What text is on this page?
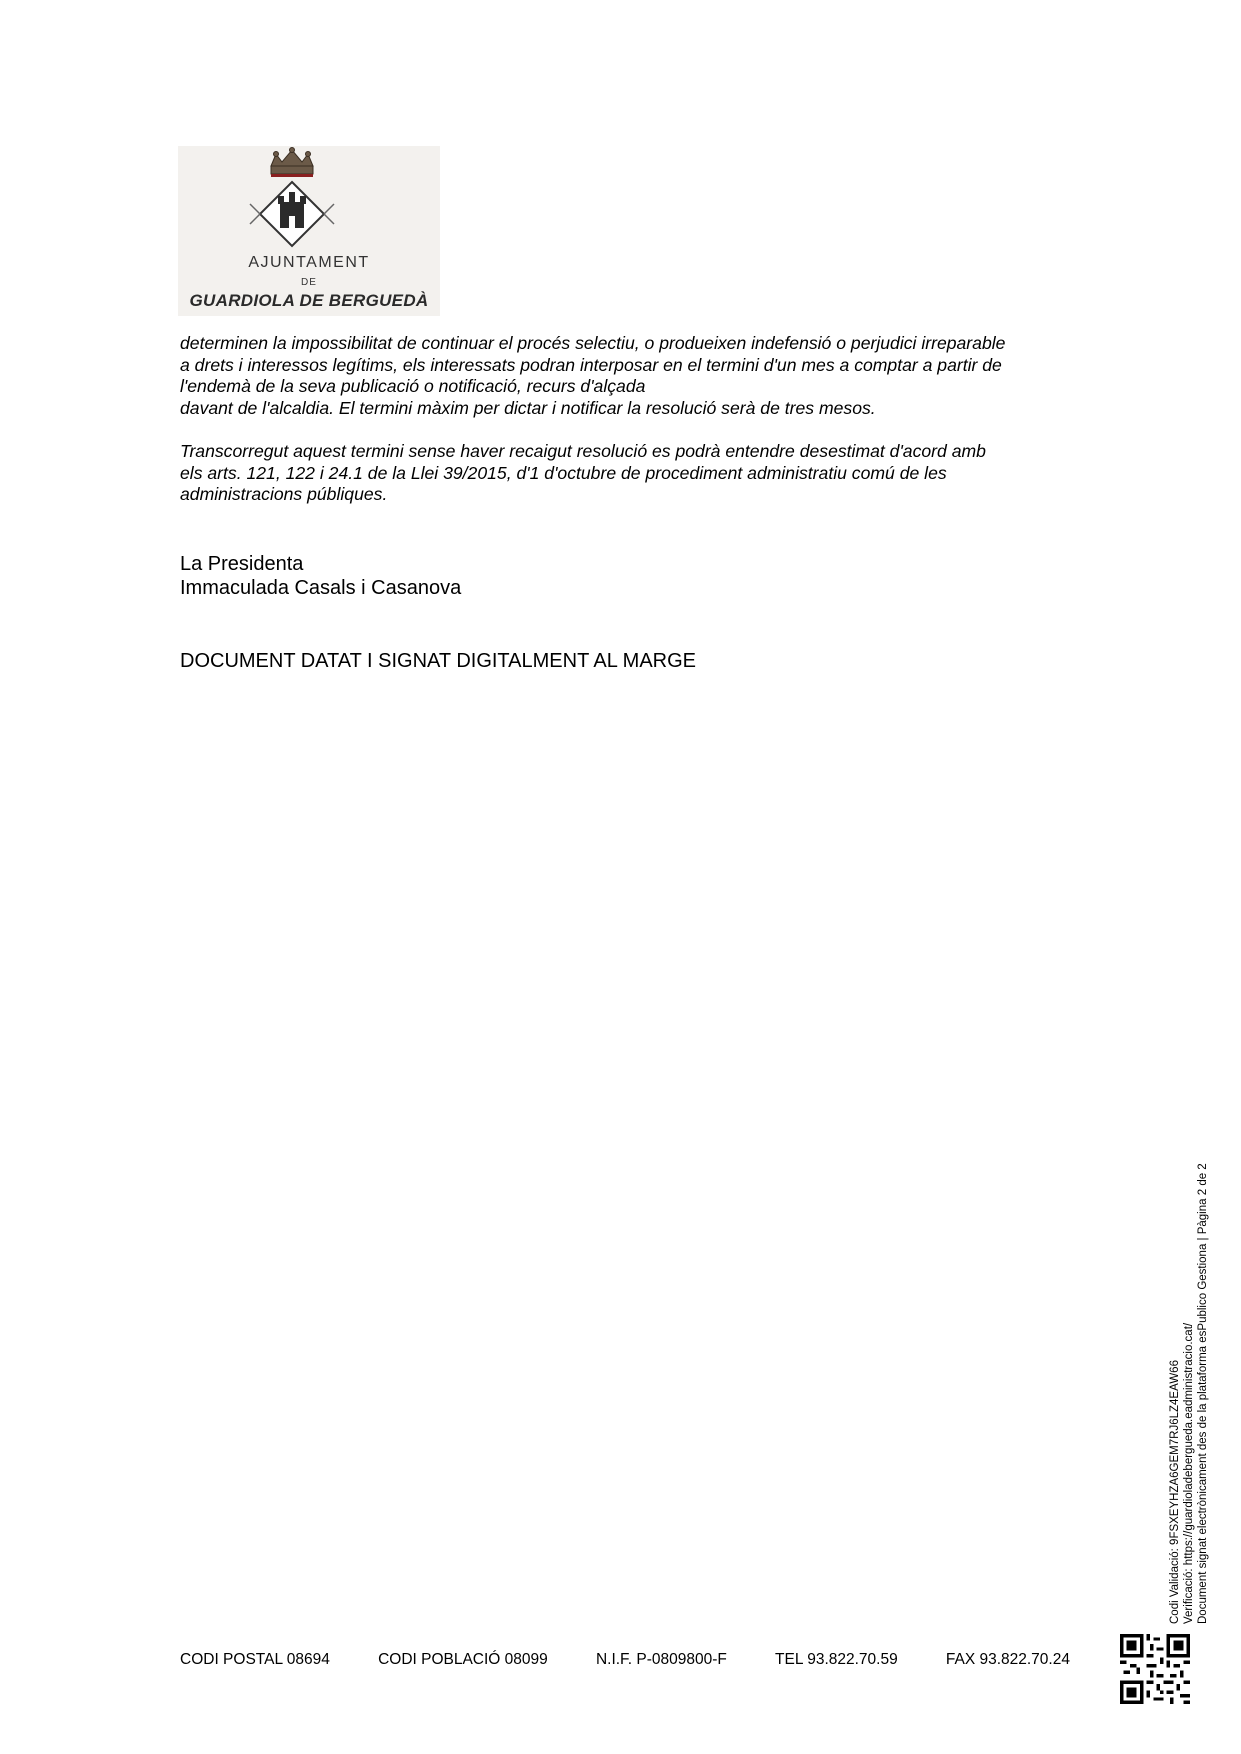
AJUNTAMENT
DE
GUARDIOLA DE BERGUEDÀ
determinen la impossibilitat de continuar el procés selectiu, o produeixen indefensió o perjudici irreparable
a drets i interessos legítims, els interessats podran interposar en el termini d'un mes a comptar a partir de
l'endemà de la seva publicació o notificació, recurs d'alçada
davant de l'alcaldia. El termini màxim per dictar i notificar la resolució serà de tres mesos.
Transcorregut aquest termini sense haver recaigut resolució es podrà entendre desestimat d'acord amb
els arts. 121, 122 i 24.1 de la Llei 39/2015, d'1 d'octubre de procediment administratiu comú de les
administracions públiques.
La Presidenta
Immaculada Casals i Casanova
DOCUMENT DATAT I SIGNAT DIGITALMENT AL MARGE
CODI POSTAL 08694	CODI POBLACIÓ 08099	N.I.F. P-0809800-F	TEL 93.822.70.59	FAX 93.822.70.24
Codi Validació: 9FSXEYHZA6GEM7RJ6LZ4EAW66 Verificació: https://guardioladebergueda.eadministracio.cat/ Document signat electrònicament des de la plataforma esPublico Gestiona | Pàgina 2 de 2
